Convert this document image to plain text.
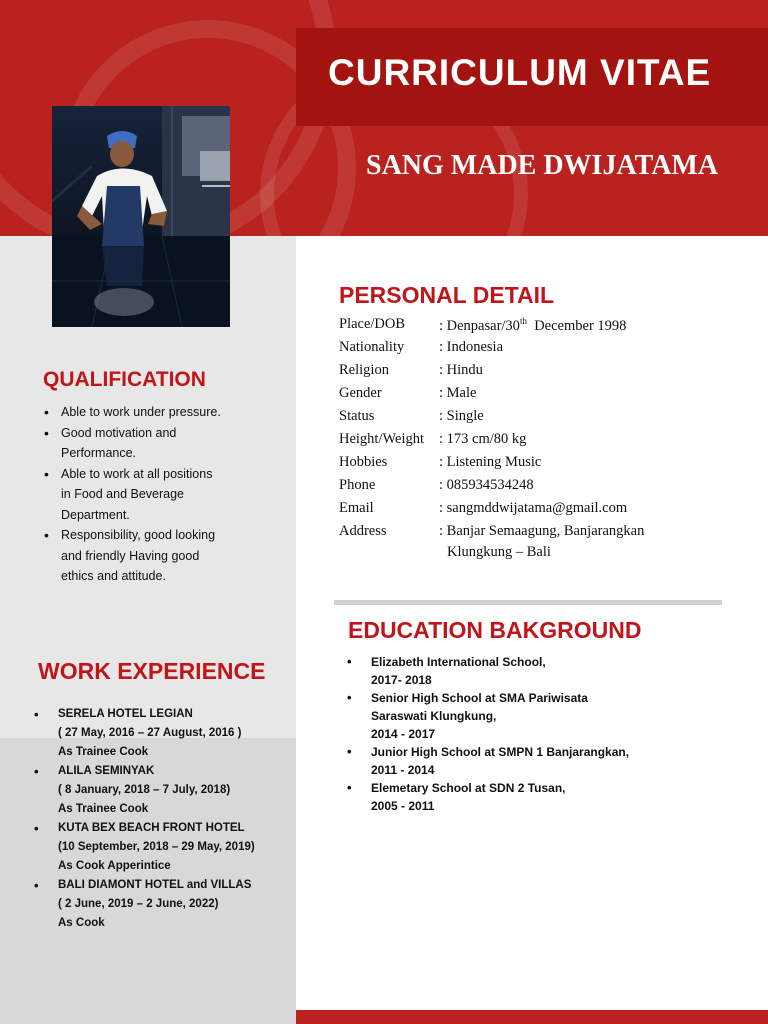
CURRICULUM VITAE
SANG MADE DWIJATAMA
QUALIFICATION
• Able to work under pressure.
• Good motivation and
Performance.
• Able to work at all positions
in Food and Beverage
Department.
• Responsibility, good looking
and friendly Having good
ethics and attitude.
WORK EXPERIENCE
• SERELA HOTEL LEGIAN
( 27 May, 2016 – 27 August, 2016 )
As Trainee Cook
• ALILA SEMINYAK
( 8 January, 2018 – 7 July, 2018)
As Trainee Cook
• KUTA BEX BEACH FRONT HOTEL
(10 September, 2018 – 29 May, 2019)
As Cook Apperintice
• BALI DIAMONT HOTEL and VILLAS
( 2 June, 2019 – 2 June, 2022)
As Cook
PERSONAL DETAIL
Place/DOB	: Denpasar/30th  December 1998
Nationality	: Indonesia
Religion	: Hindu
Gender	: Male
Status	: Single
Height/Weight	: 173 cm/80 kg
Hobbies	: Listening Music
Phone	: 085934534248
Email	: sangmddwijatama@gmail.com
Address	: Banjar Semaagung, Banjarangkan
Klungkung – Bali
EDUCATION BAKGROUND
• Elizabeth International School,
2017- 2018
• Senior High School at SMA Pariwisata
Saraswati Klungkung,
2014 - 2017
• Junior High School at SMPN 1 Banjarangkan,
2011 - 2014
• Elemetary School at SDN 2 Tusan,
2005 - 2011
